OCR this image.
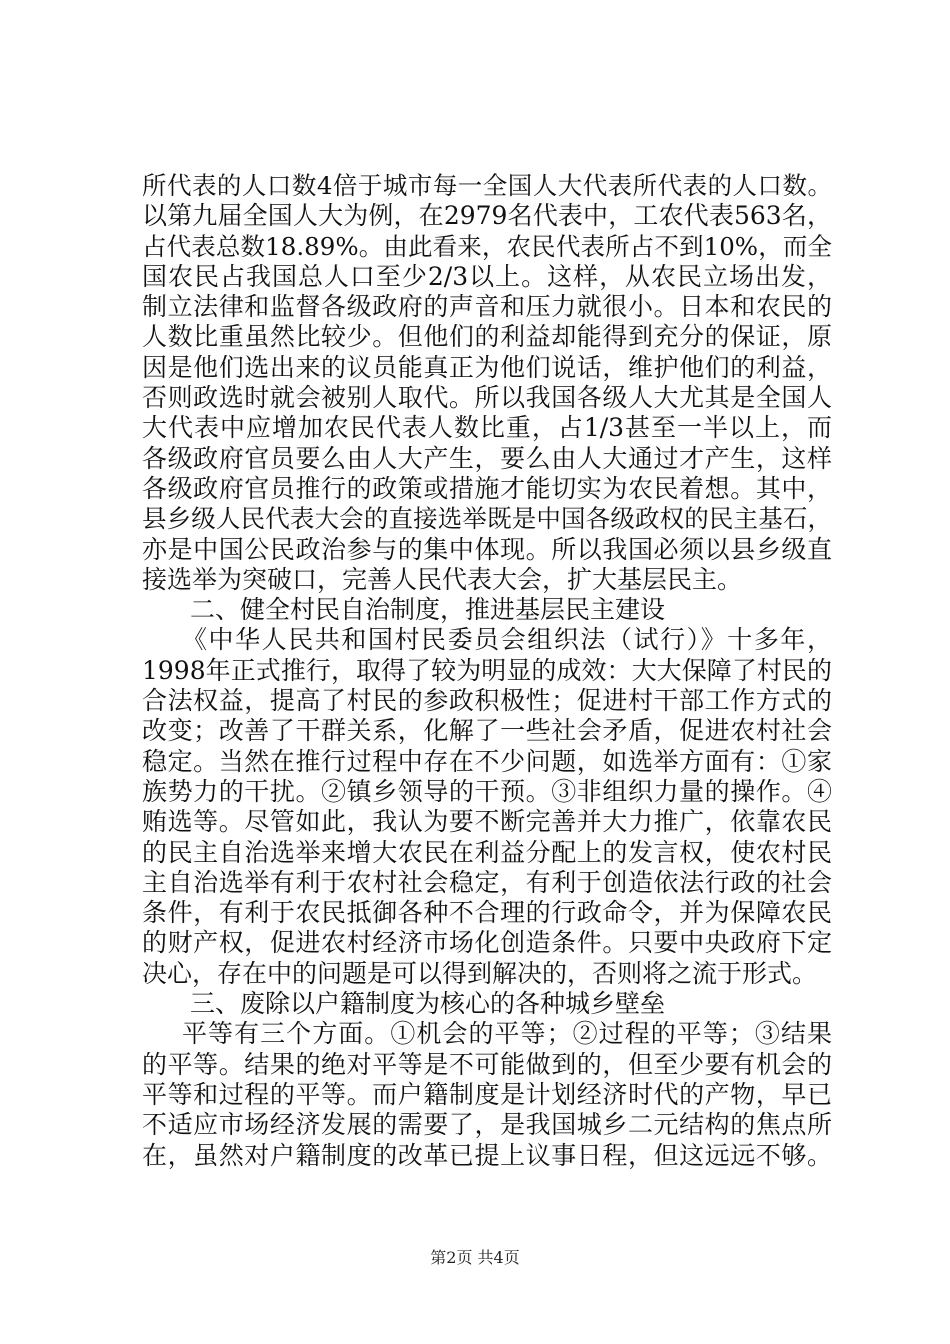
所代表的人口数4倍于城市每一全国人大代表所代表的人口数。
以第九届全国人大为例，在2979名代表中，工农代表563名，
占代表总数18.89%。由此看来，农民代表所占不到10%，而全
国农民占我国总人口至少2/3以上。这样，从农民立场出发，
制立法律和监督各级政府的声音和压力就很小。日本和农民的
人数比重虽然比较少。但他们的利益却能得到充分的保证，原
因是他们选出来的议员能真正为他们说话，维护他们的利益，
否则政选时就会被别人取代。所以我国各级人大尤其是全国人
大代表中应增加农民代表人数比重，占1/3甚至一半以上，而
各级政府官员要么由人大产生，要么由人大通过才产生，这样
各级政府官员推行的政策或措施才能切实为农民着想。其中，
县乡级人民代表大会的直接选举既是中国各级政权的民主基石，
亦是中国公民政治参与的集中体现。所以我国必须以县乡级直
接选举为突破口，完善人民代表大会，扩大基层民主。
二、健全村民自治制度，推进基层民主建设
《中华人民共和国村民委员会组织法（试行）》十多年，
1998年正式推行，取得了较为明显的成效：大大保障了村民的
合法权益，提高了村民的参政积极性；促进村干部工作方式的
改变；改善了干群关系，化解了一些社会矛盾，促进农村社会
稳定。当然在推行过程中存在不少问题，如选举方面有：①家
族势力的干扰。②镇乡领导的干预。③非组织力量的操作。④
贿选等。尽管如此，我认为要不断完善并大力推广，依靠农民
的民主自治选举来增大农民在利益分配上的发言权，使农村民
主自治选举有利于农村社会稳定，有利于创造依法行政的社会
条件，有利于农民抵御各种不合理的行政命令，并为保障农民
的财产权，促进农村经济市场化创造条件。只要中央政府下定
决心，存在中的问题是可以得到解决的，否则将之流于形式。
三、废除以户籍制度为核心的各种城乡壁垒
平等有三个方面。①机会的平等；②过程的平等；③结果
的平等。结果的绝对平等是不可能做到的，但至少要有机会的
平等和过程的平等。而户籍制度是计划经济时代的产物，早已
不适应市场经济发展的需要了，是我国城乡二元结构的焦点所
在，虽然对户籍制度的改革已提上议事日程，但这远远不够。
第2页 共4页
